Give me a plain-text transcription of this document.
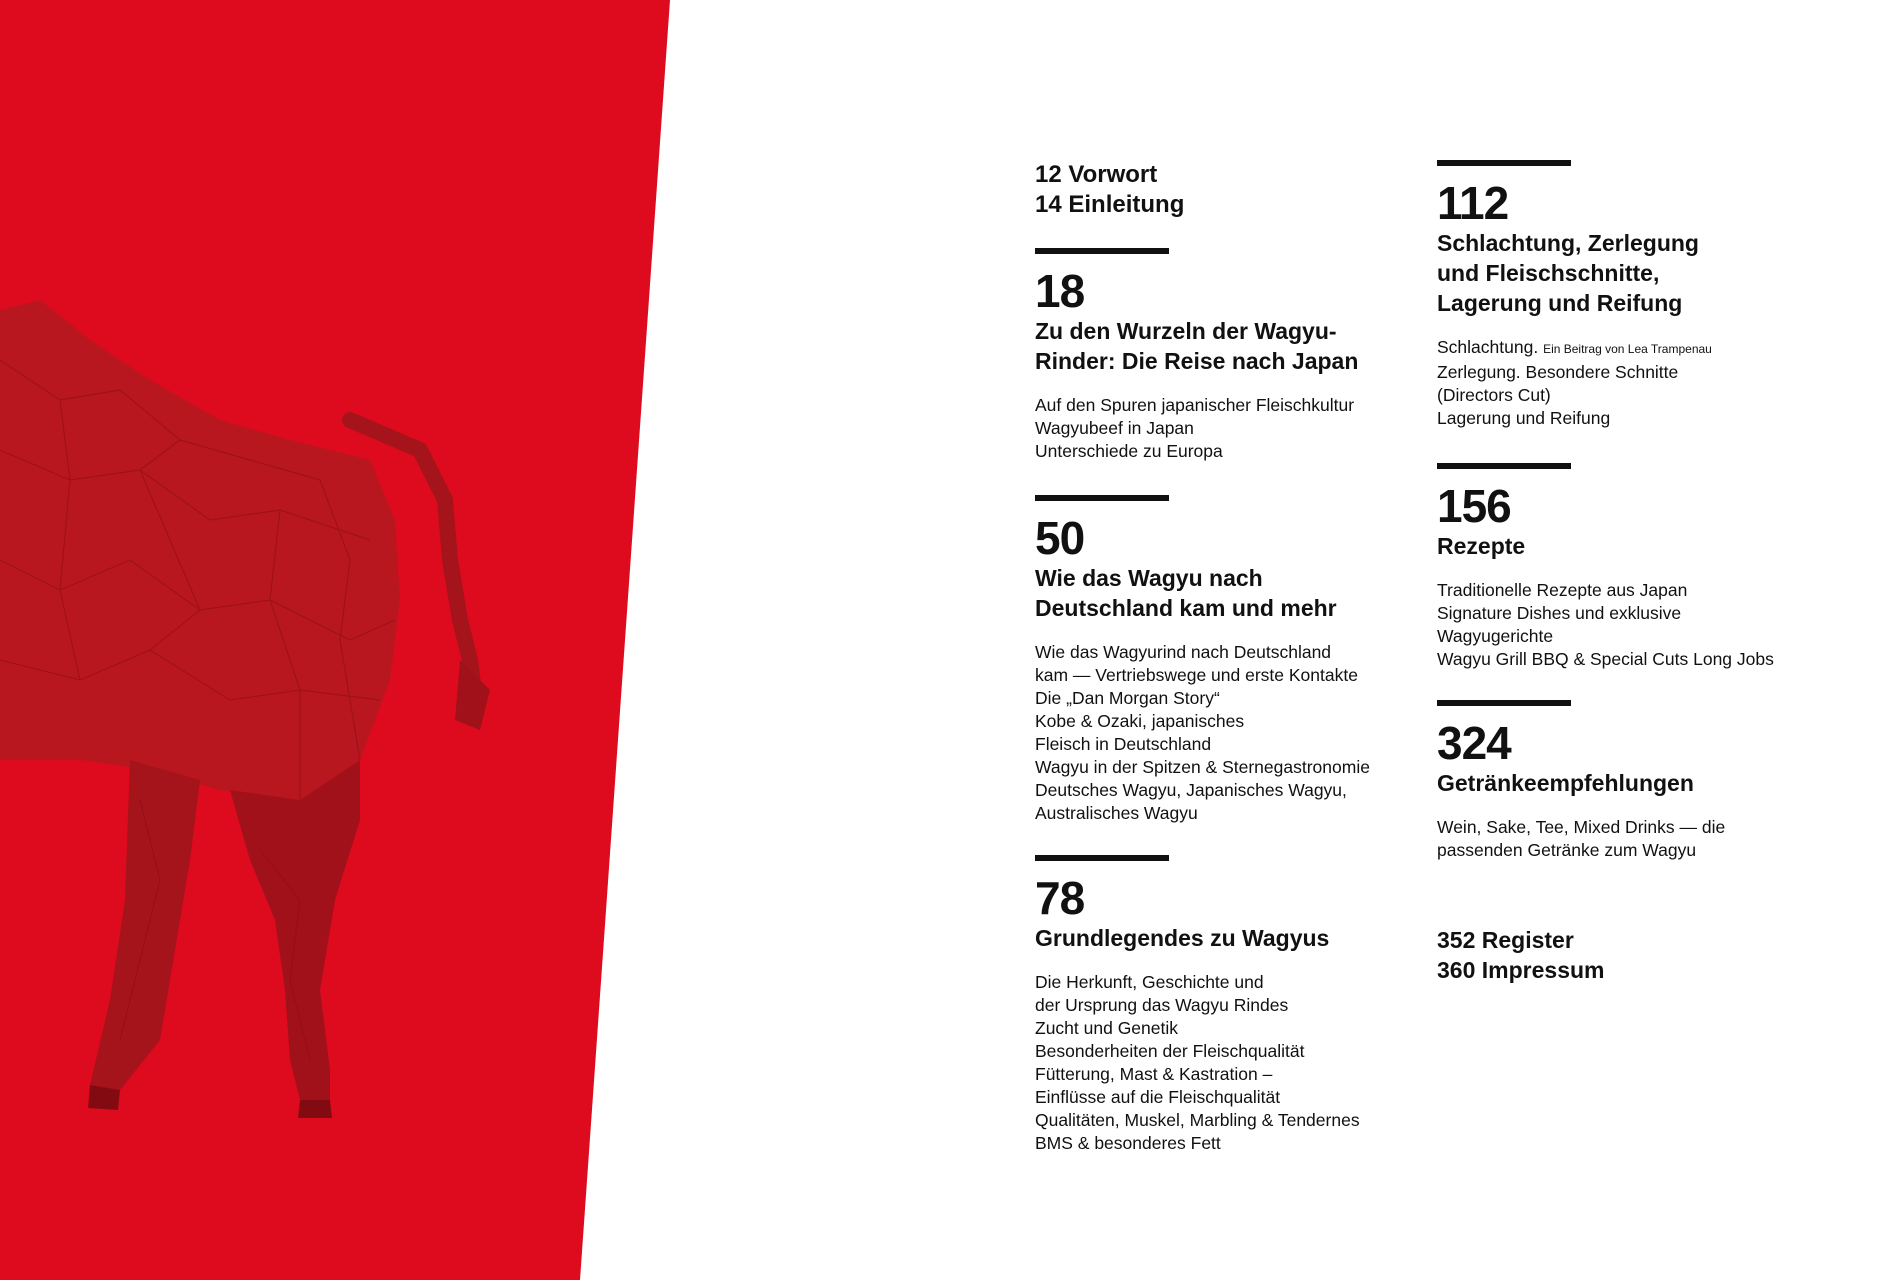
12 Vorwort
14 Einleitung
18
Zu den Wurzeln der Wagyu-
Rinder: Die Reise nach Japan
Auf den Spuren japanischer Fleischkultur
Wagyubeef in Japan
Unterschiede zu Europa
50
Wie das Wagyu nach
Deutschland kam und mehr
Wie das Wagyurind nach Deutschland
kam — Vertriebswege und erste Kontakte
Die „Dan Morgan Story“
Kobe & Ozaki, japanisches
Fleisch in Deutschland
Wagyu in der Spitzen & Sternegastronomie
Deutsches Wagyu, Japanisches Wagyu,
Australisches Wagyu
78
Grundlegendes zu Wagyus
Die Herkunft, Geschichte und
der Ursprung das Wagyu Rindes
Zucht und Genetik
Besonderheiten der Fleischqualität
Fütterung, Mast & Kastration –
Einflüsse auf die Fleischqualität
Qualitäten, Muskel, Marbling & Tendernes
BMS & besonderes Fett
112
Schlachtung, Zerlegung
und Fleischschnitte,
Lagerung und Reifung
Schlachtung. Ein Beitrag von Lea Trampenau
Zerlegung. Besondere Schnitte
(Directors Cut)
Lagerung und Reifung
156
Rezepte
Traditionelle Rezepte aus Japan
Signature Dishes und exklusive
Wagyugerichte
Wagyu Grill BBQ & Special Cuts Long Jobs
324
Getränkeempfehlungen
Wein, Sake, Tee, Mixed Drinks — die
passenden Getränke zum Wagyu
352 Register
360 Impressum
